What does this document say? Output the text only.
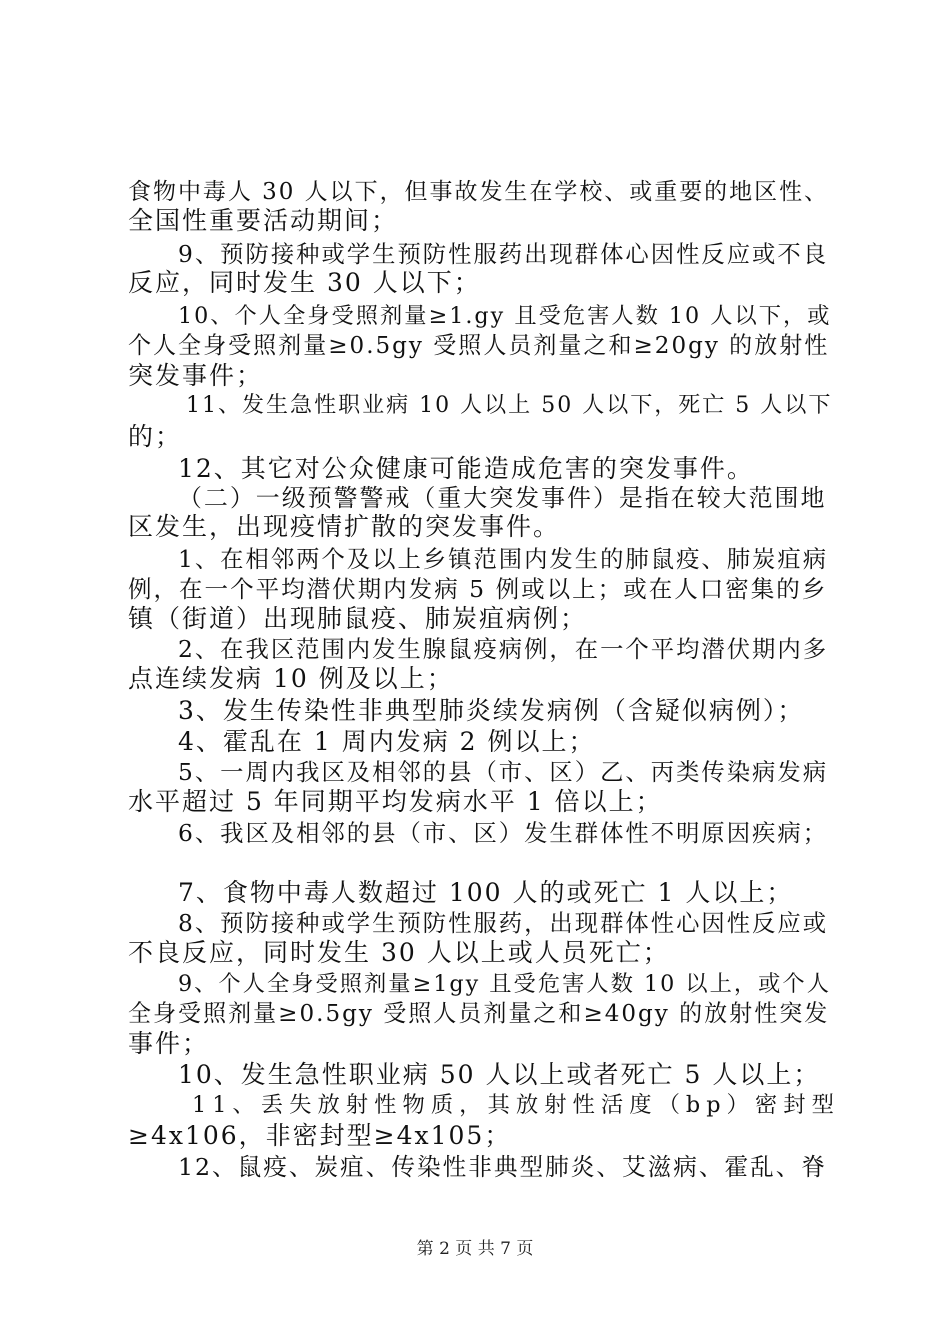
食物中毒人 30 人以下，但事故发生在学校、或重要的地区性、
全国性重要活动期间；
9、预防接种或学生预防性服药出现群体心因性反应或不良
反应，同时发生 30 人以下；
10、个人全身受照剂量≥1.gy 且受危害人数 10 人以下，或
个人全身受照剂量≥0.5gy 受照人员剂量之和≥20gy 的放射性
突发事件；
11、发生急性职业病 10 人以上 50 人以下，死亡 5 人以下
的；
12、其它对公众健康可能造成危害的突发事件。
（二）一级预警警戒（重大突发事件）是指在较大范围地
区发生，出现疫情扩散的突发事件。
1、在相邻两个及以上乡镇范围内发生的肺鼠疫、肺炭疽病
例，在一个平均潜伏期内发病 5 例或以上；或在人口密集的乡
镇（街道）出现肺鼠疫、肺炭疽病例；
2、在我区范围内发生腺鼠疫病例，在一个平均潜伏期内多
点连续发病 10 例及以上；
3、发生传染性非典型肺炎续发病例（含疑似病例）；
4、霍乱在 1 周内发病 2 例以上；
5、一周内我区及相邻的县（市、区）乙、丙类传染病发病
水平超过 5 年同期平均发病水平 1 倍以上；
6、我区及相邻的县（市、区）发生群体性不明原因疾病；
7、食物中毒人数超过 100 人的或死亡 1 人以上；
8、预防接种或学生预防性服药，出现群体性心因性反应或
不良反应，同时发生 30 人以上或人员死亡；
9、个人全身受照剂量≥1gy 且受危害人数 10 以上，或个人
全身受照剂量≥0.5gy 受照人员剂量之和≥40gy 的放射性突发
事件；
10、发生急性职业病 50 人以上或者死亡 5 人以上；
11、丢失放射性物质，其放射性活度（bp）密封型
≥4x106，非密封型≥4x105；
12、鼠疫、炭疽、传染性非典型肺炎、艾滋病、霍乱、脊
第 2 页 共 7 页
